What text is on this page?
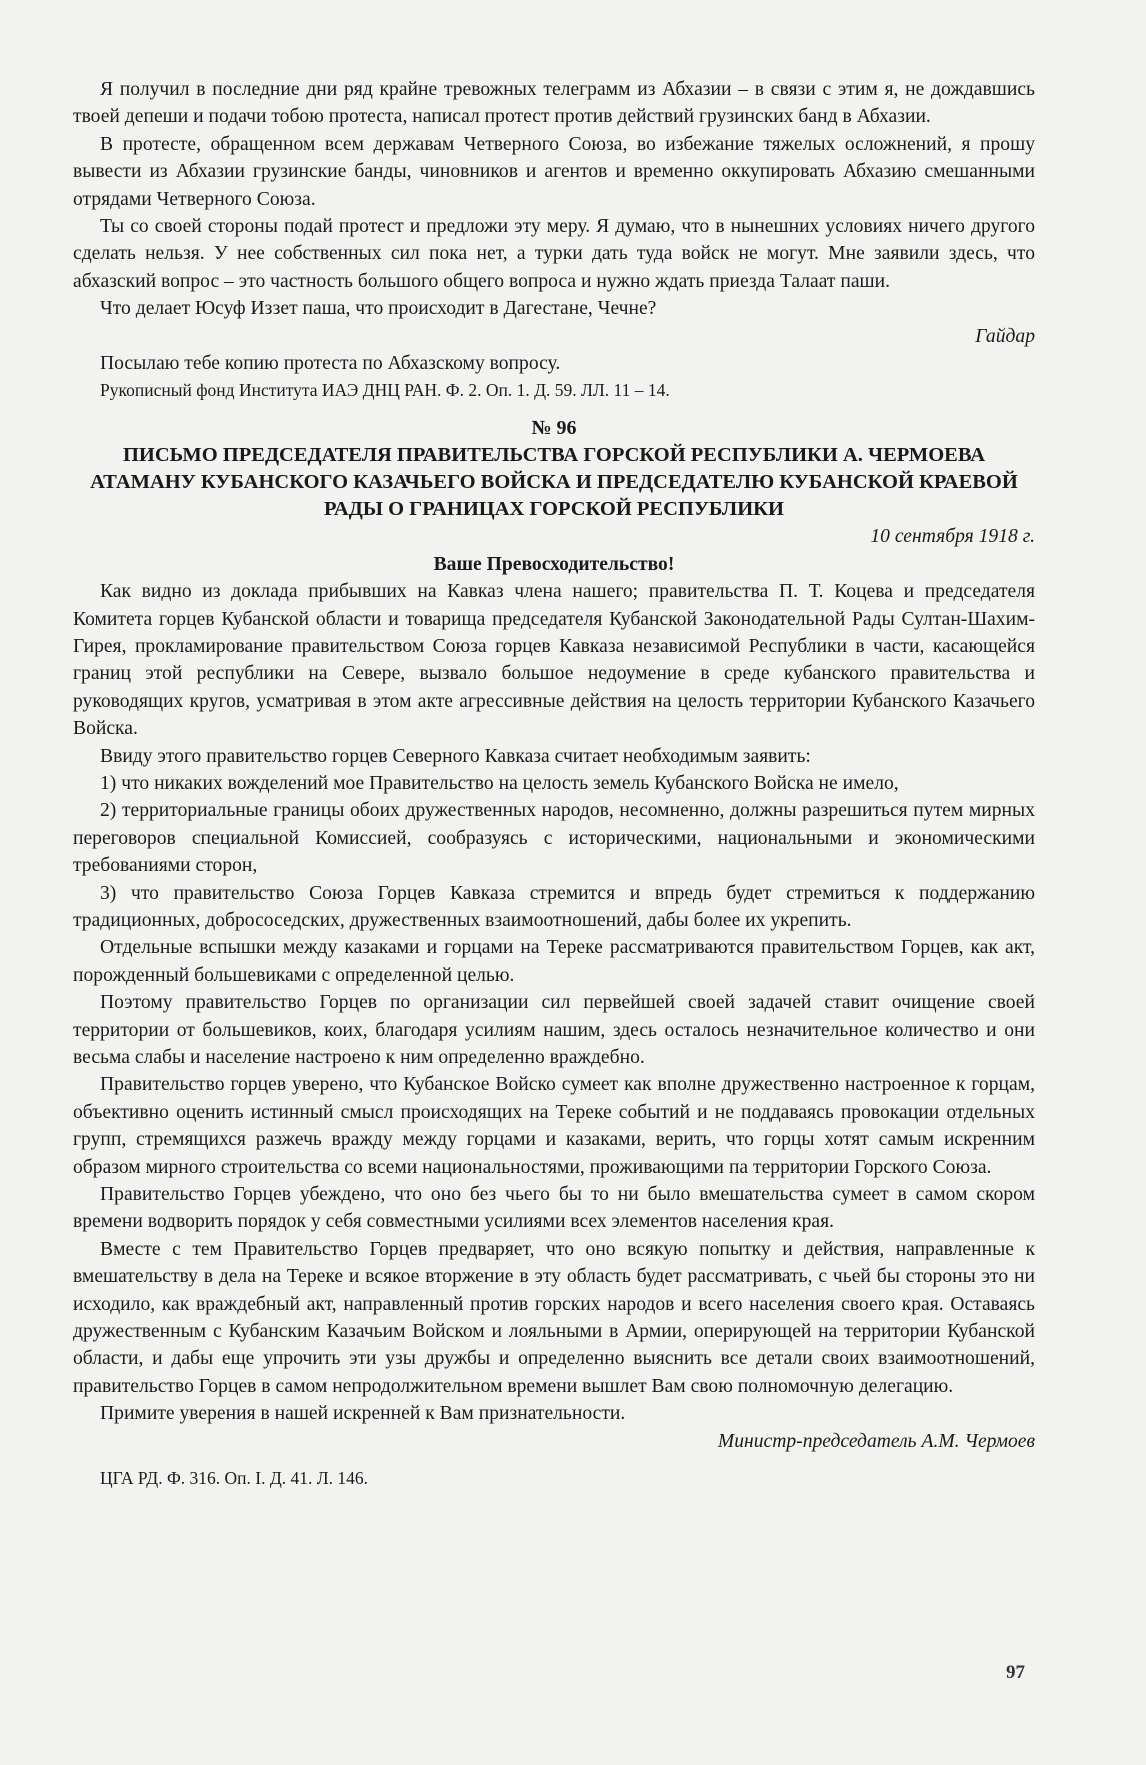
Я получил в последние дни ряд крайне тревожных телеграмм из Абхазии – в связи с этим я, не дождавшись твоей депеши и подачи тобою протеста, написал протест против действий грузинских банд в Абхазии.

В протесте, обращенном всем державам Четверного Союза, во избежание тяжелых осложнений, я прошу вывести из Абхазии грузинские банды, чиновников и агентов и временно оккупировать Абхазию смешанными отрядами Четверного Союза.

Ты со своей стороны подай протест и предложи эту меру. Я думаю, что в нынешних условиях ничего другого сделать нельзя. У нее собственных сил пока нет, а турки дать туда войск не могут. Мне заявили здесь, что абхазский вопрос – это частность большого общего вопроса и нужно ждать приезда Талаат паши.

Что делает Юсуф Иззет паша, что происходит в Дагестане, Чечне?

Гайдар

Посылаю тебе копию протеста по Абхазскому вопросу.

Рукописный фонд Института ИАЭ ДНЦ РАН. Ф. 2. Оп. 1. Д. 59. ЛЛ. 11 – 14.

№ 96

ПИСЬМО ПРЕДСЕДАТЕЛЯ ПРАВИТЕЛЬСТВА ГОРСКОЙ РЕСПУБЛИКИ А. ЧЕРМОЕВА АТАМАНУ КУБАНСКОГО КАЗАЧЬЕГО ВОЙСКА И ПРЕДСЕДАТЕЛЮ КУБАНСКОЙ КРАЕВОЙ РАДЫ О ГРАНИЦАХ ГОРСКОЙ РЕСПУБЛИКИ

10 сентября 1918 г.

Ваше Превосходительство!

Как видно из доклада прибывших на Кавказ члена нашего; правительства П. Т. Коцева и председателя Комитета горцев Кубанской области и товарища председателя Кубанской Законодательной Рады Султан-Шахим-Гирея, прокламирование правительством Союза горцев Кавказа независимой Республики в части, касающейся границ этой республики на Севере, вызвало большое недоумение в среде кубанского правительства и руководящих кругов, усматривая в этом акте агрессивные действия на целость территории Кубанского Казачьего Войска.

Ввиду этого правительство горцев Северного Кавказа считает необходимым заявить:

1) что никаких вожделений мое Правительство на целость земель Кубанского Войска не имело,

2) территориальные границы обоих дружественных народов, несомненно, должны разрешиться путем мирных переговоров специальной Комиссией, сообразуясь с историческими, национальными и экономическими требованиями сторон,

3) что правительство Союза Горцев Кавказа стремится и впредь будет стремиться к поддержанию традиционных, добрососедских, дружественных взаимоотношений, дабы более их укрепить.

Отдельные вспышки между казаками и горцами на Тереке рассматриваются правительством Горцев, как акт, порожденный большевиками с определенной целью.

Поэтому правительство Горцев по организации сил первейшей своей задачей ставит очищение своей территории от большевиков, коих, благодаря усилиям нашим, здесь осталось незначительное количество и они весьма слабы и население настроено к ним определенно враждебно.

Правительство горцев уверено, что Кубанское Войско сумеет как вполне дружественно настроенное к горцам, объективно оценить истинный смысл происходящих на Тереке событий и не поддаваясь провокации отдельных групп, стремящихся разжечь вражду между горцами и казаками, верить, что горцы хотят самым искренним образом мирного строительства со всеми национальностями, проживающими па территории Горского Союза.

Правительство Горцев убеждено, что оно без чьего бы то ни было вмешательства сумеет в самом скором времени водворить порядок у себя совместными усилиями всех элементов населения края.

Вместе с тем Правительство Горцев предваряет, что оно всякую попытку и действия, направленные к вмешательству в дела на Тереке и всякое вторжение в эту область будет рассматривать, с чьей бы стороны это ни исходило, как враждебный акт, направленный против горских народов и всего населения своего края. Оставаясь дружественным с Кубанским Казачьим Войском и лояльными в Армии, оперирующей на территории Кубанской области, и дабы еще упрочить эти узы дружбы и определенно выяснить все детали своих взаимоотношений, правительство Горцев в самом непродолжительном времени вышлет Вам свою полномочную делегацию.

Примите уверения в нашей искренней к Вам признательности.

Министр-председатель А.М. Чермоев

ЦГА РД. Ф. 316. Оп. I. Д. 41. Л. 146.

97
